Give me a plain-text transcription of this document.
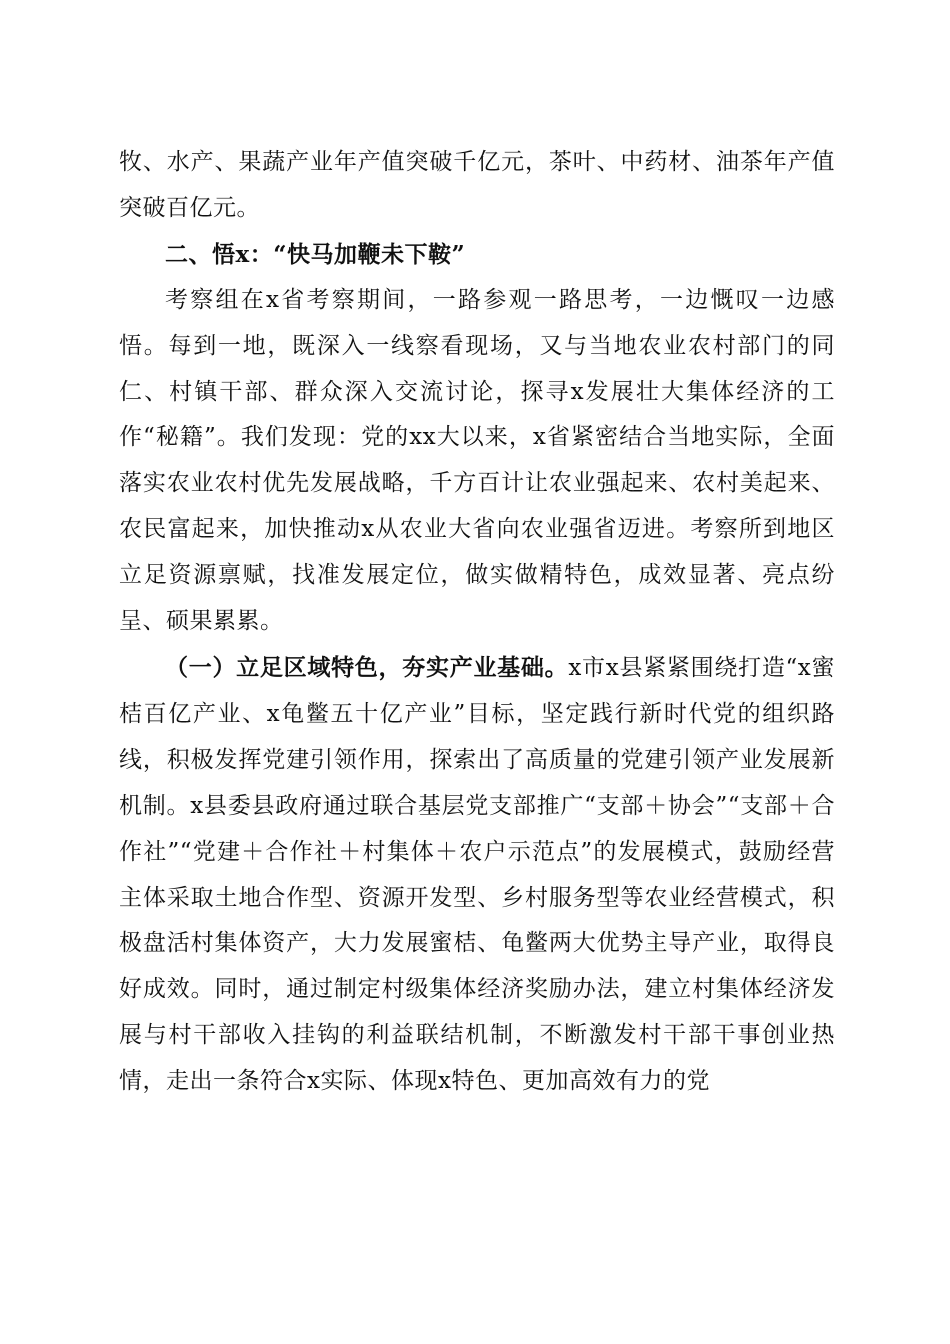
牧、水产、果蔬产业年产值突破千亿元，茶叶、中药材、油茶年产值突破百亿元。

二、悟x：“快马加鞭未下鞍”

考察组在x省考察期间，一路参观一路思考，一边慨叹一边感悟。每到一地，既深入一线察看现场，又与当地农业农村部门的同仁、村镇干部、群众深入交流讨论，探寻x发展壮大集体经济的工作“秘籍”。我们发现：党的xx大以来，x省紧密结合当地实际，全面落实农业农村优先发展战略，千方百计让农业强起来、农村美起来、农民富起来，加快推动x从农业大省向农业强省迈进。考察所到地区立足资源禀赋，找准发展定位，做实做精特色，成效显著、亮点纷呈、硕果累累。

（一）立足区域特色，夯实产业基础。x市x县紧紧围绕打造“x蜜桔百亿产业、x龟鳖五十亿产业”目标，坚定践行新时代党的组织路线，积极发挥党建引领作用，探索出了高质量的党建引领产业发展新机制。x县委县政府通过联合基层党支部推广“支部＋协会”“支部＋合作社”“党建＋合作社＋村集体＋农户示范点”的发展模式，鼓励经营主体采取土地合作型、资源开发型、乡村服务型等农业经营模式，积极盘活村集体资产，大力发展蜜桔、龟鳖两大优势主导产业，取得良好成效。同时，通过制定村级集体经济奖励办法，建立村集体经济发展与村干部收入挂钩的利益联结机制，不断激发村干部干事创业热情，走出一条符合x实际、体现x特色、更加高效有力的党
